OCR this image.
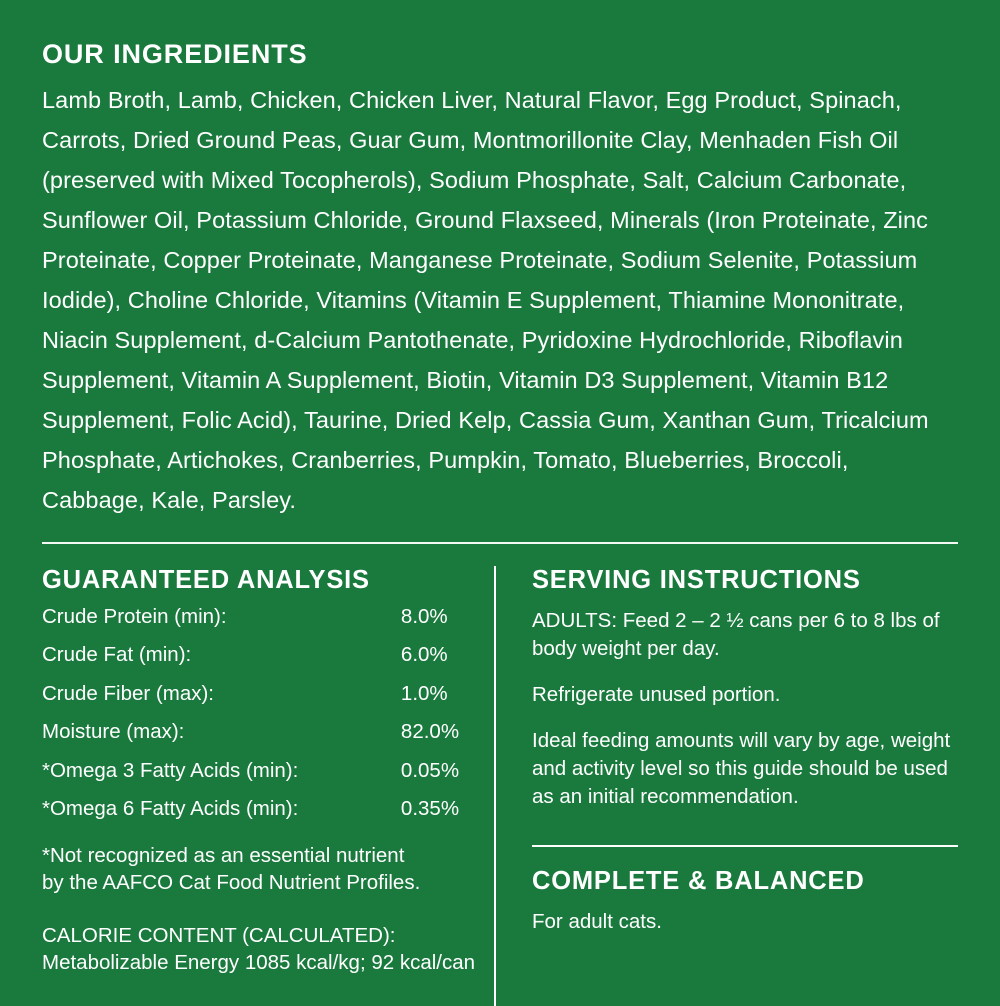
OUR INGREDIENTS

Lamb Broth, Lamb, Chicken, Chicken Liver, Natural Flavor, Egg Product, Spinach, Carrots, Dried Ground Peas, Guar Gum, Montmorillonite Clay, Menhaden Fish Oil (preserved with Mixed Tocopherols), Sodium Phosphate, Salt, Calcium Carbonate, Sunflower Oil, Potassium Chloride, Ground Flaxseed, Minerals (Iron Proteinate, Zinc Proteinate, Copper Proteinate, Manganese Proteinate, Sodium Selenite, Potassium Iodide), Choline Chloride, Vitamins (Vitamin E Supplement, Thiamine Mononitrate, Niacin Supplement, d-Calcium Pantothenate, Pyridoxine Hydrochloride, Riboflavin Supplement, Vitamin A Supplement, Biotin, Vitamin D3 Supplement, Vitamin B12 Supplement, Folic Acid), Taurine, Dried Kelp, Cassia Gum, Xanthan Gum, Tricalcium Phosphate, Artichokes, Cranberries, Pumpkin, Tomato, Blueberries, Broccoli, Cabbage, Kale, Parsley.

GUARANTEED ANALYSIS
Crude Protein (min):	8.0%
Crude Fat (min):	6.0%
Crude Fiber (max):	1.0%
Moisture (max):	82.0%
*Omega 3 Fatty Acids (min):	0.05%
*Omega 6 Fatty Acids (min):	0.35%

*Not recognized as an essential nutrient
by the AAFCO Cat Food Nutrient Profiles.

CALORIE CONTENT (CALCULATED):
Metabolizable Energy 1085 kcal/kg; 92 kcal/can

SERVING INSTRUCTIONS

ADULTS: Feed 2 – 2 ½ cans per 6 to 8 lbs of body weight per day.

Refrigerate unused portion.

Ideal feeding amounts will vary by age, weight and activity level so this guide should be used as an initial recommendation.

COMPLETE & BALANCED

For adult cats.
